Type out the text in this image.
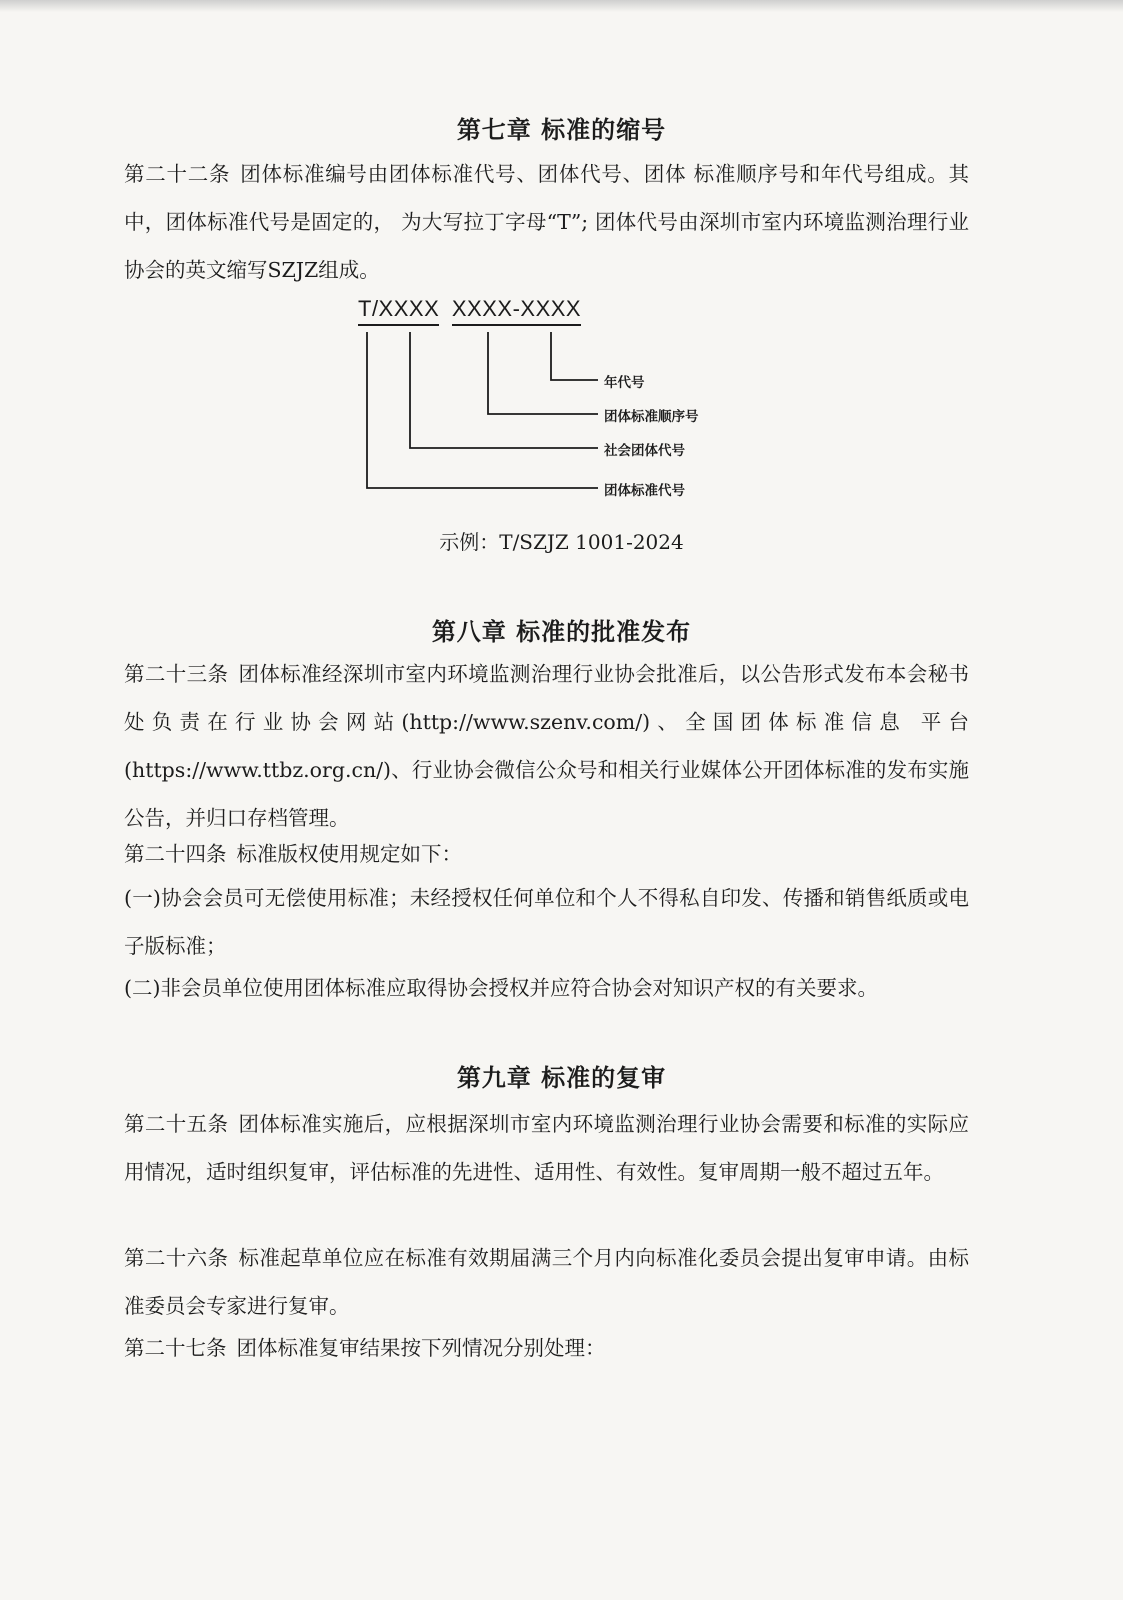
第七章 标准的缩号

第二十二条 团体标准编号由团体标准代号、团体代号、团体 标准顺序号和年代号组成。其中，团体标准代号是固定的， 为大写拉丁字母“T”; 团体代号由深圳市室内环境监测治理行业协会的英文缩写SZJZ组成。

T/XXXX XXXX-XXXX
年代号
团体标准顺序号
社会团体代号
团体标准代号
示例：T/SZJZ 1001-2024
第八章 标准的批准发布

第二十三条 团体标准经深圳市室内环境监测治理行业协会批准后，以公告形式发布本会秘书处负责在行业协会网站(http://www.szenv.com/)、全国团体标准信息 平台(https://www.ttbz.org.cn/)、行业协会微信公众号和相关行业媒体公开团体标准的发布实施公告，并归口存档管理。

第二十四条 标准版权使用规定如下：

(一)协会会员可无偿使用标准；未经授权任何单位和个人不得私自印发、传播和销售纸质或电子版标准；

(二)非会员单位使用团体标准应取得协会授权并应符合协会对知识产权的有关要求。

第九章 标准的复审

第二十五条 团体标准实施后，应根据深圳市室内环境监测治理行业协会需要和标准的实际应用情况，适时组织复审，评估标准的先进性、适用性、有效性。复审周期一般不超过五年。

第二十六条 标准起草单位应在标准有效期届满三个月内向标准化委员会提出复审申请。由标准委员会专家进行复审。

第二十七条 团体标准复审结果按下列情况分别处理：
